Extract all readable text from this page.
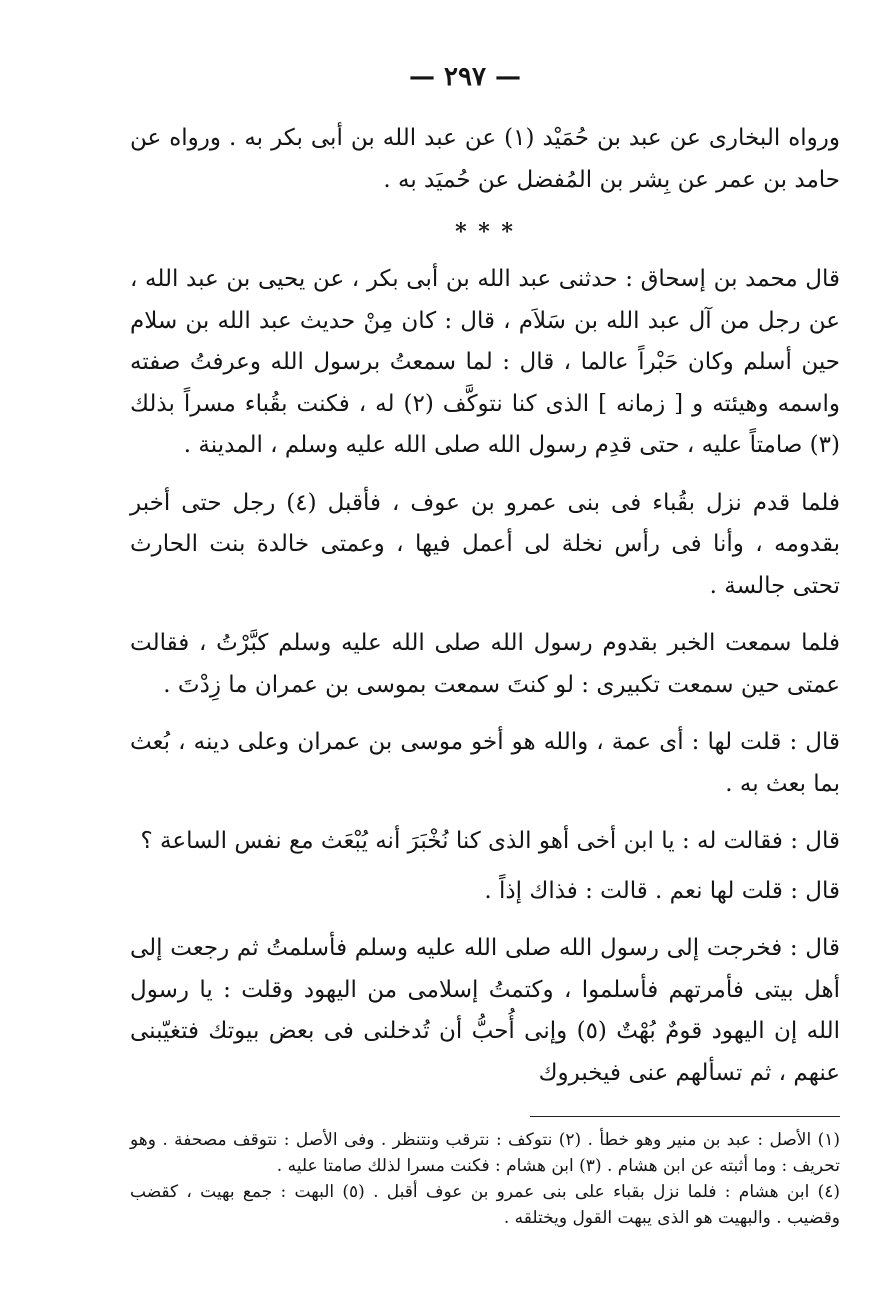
— ٢٩٧ —

ورواه البخارى عن عبد بن حُمَيْد (١) عن عبد الله بن أبى بكر به . ورواه عن حامد بن عمر عن بِشر بن المُفضل عن حُميَد به .

* * *

قال محمد بن إسحاق : حدثنى عبد الله بن أبى بكر ، عن يحيى بن عبد الله ، عن رجل من آل عبد الله بن سَلاَم ، قال : كان مِنْ حديث عبد الله بن سلام حين أسلم وكان حَبْراً عالما ، قال : لما سمعتُ برسول الله وعرفتُ صفته واسمه وهيئته و [ زمانه ] الذى كنا نتوكَّف (٢) له ، فكنت بقُباء مسراً بذلك (٣) صامتاً عليه ، حتى قدِم رسول الله صلى الله عليه وسلم ، المدينة .

فلما قدم نزل بقُباء فى بنى عمرو بن عوف ، فأقبل (٤) رجل حتى أخبر بقدومه ، وأنا فى رأس نخلة لى أعمل فيها ، وعمتى خالدة بنت الحارث تحتى جالسة .

فلما سمعت الخبر بقدوم رسول الله صلى الله عليه وسلم كبَّرْتُ ، فقالت عمتى حين سمعت تكبيرى : لو كنتَ سمعت بموسى بن عمران ما زِدْتَ .

قال : قلت لها : أى عمة ، والله هو أخو موسى بن عمران وعلى دينه ، بُعث بما بعث به .

قال : فقالت له : يا ابن أخى أهو الذى كنا نُخْبَرَ أنه يُبْعَث مع نفس الساعة ؟

قال : قلت لها نعم . قالت : فذاك إذاً .

قال : فخرجت إلى رسول الله صلى الله عليه وسلم فأسلمتُ ثم رجعت إلى أهل بيتى فأمرتهم فأسلموا ، وكتمتُ إسلامى من اليهود وقلت : يا رسول الله إن اليهود قومٌ بُهْتٌ (٥) وإنى أُحبُّ أن تُدخلنى فى بعض بيوتك فتغيّبنى عنهم ، ثم تسألهم عنى فيخبروك

(١) الأصل : عبد بن منير وهو خطأ . (٢) نتوكف : نترقب ونتنظر . وفى الأصل : نتوقف مصحفة . وهو تحريف : وما أثبته عن ابن هشام . (٣) ابن هشام : فكنت مسرا لذلك صامتا عليه .

(٤) ابن هشام : فلما نزل بقباء على بنى عمرو بن عوف أقبل . (٥) البهت : جمع بهيت ، كقضب وقضيب . والبهيت هو الذى يبهت القول ويختلقه .
